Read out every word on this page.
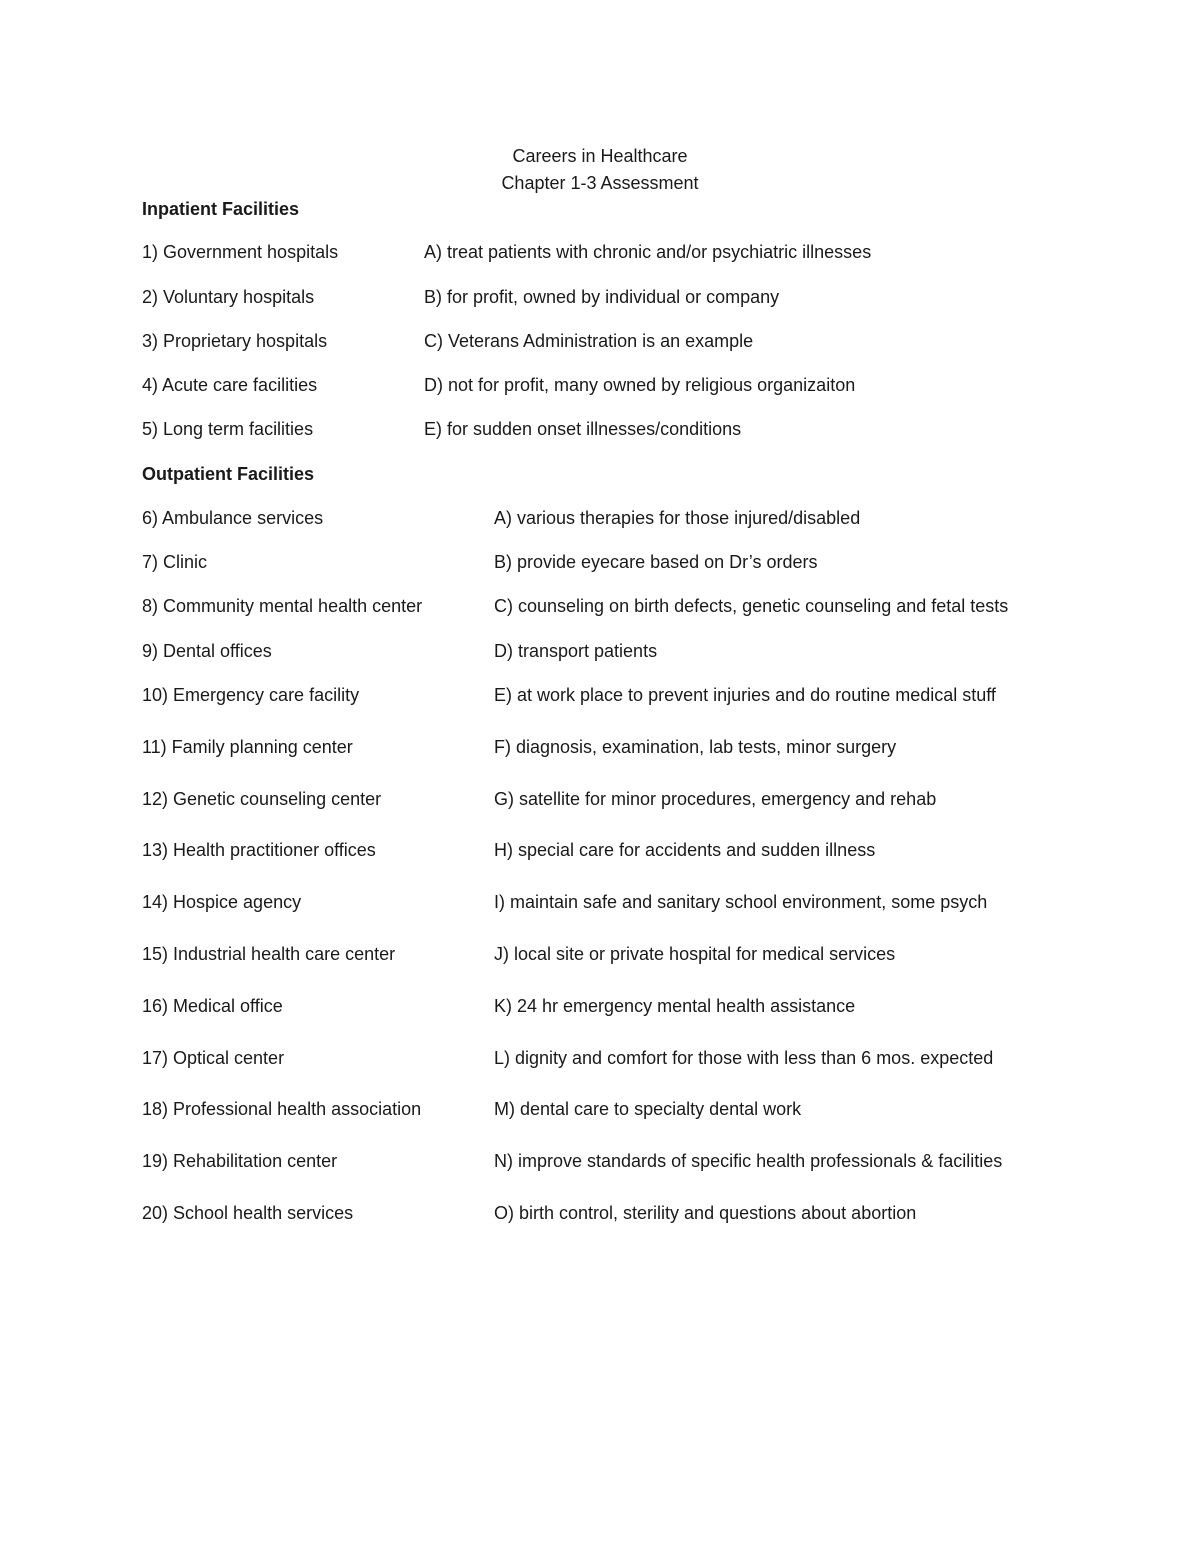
Careers in Healthcare
Chapter 1-3 Assessment
Inpatient Facilities
1) Government hospitals	A) treat patients with chronic and/or psychiatric illnesses
2) Voluntary hospitals	B) for profit, owned by individual or company
3) Proprietary hospitals	C) Veterans Administration is an example
4) Acute care facilities	D) not for profit, many owned by religious organizaiton
5) Long term facilities	E) for sudden onset illnesses/conditions
Outpatient Facilities
6) Ambulance services	A) various therapies for those injured/disabled
7) Clinic	B) provide eyecare based on Dr’s orders
8) Community mental health center	C) counseling on birth defects, genetic counseling and fetal tests
9) Dental offices	D) transport patients
10) Emergency care facility	E) at work place to prevent injuries and do routine medical stuff
11) Family planning center	F) diagnosis, examination, lab tests, minor surgery
12) Genetic counseling center	G) satellite for minor procedures, emergency and rehab
13) Health practitioner offices	H) special care for accidents and sudden illness
14) Hospice agency	I) maintain safe and sanitary school environment, some psych
15) Industrial health care center	J) local site or private hospital for medical services
16) Medical office	K) 24 hr emergency mental health assistance
17) Optical center	L) dignity and comfort for those with less than 6 mos. expected
18) Professional health association	M) dental care to specialty dental work
19) Rehabilitation center	N) improve standards of specific health professionals & facilities
20) School health services	O) birth control, sterility and questions about abortion
